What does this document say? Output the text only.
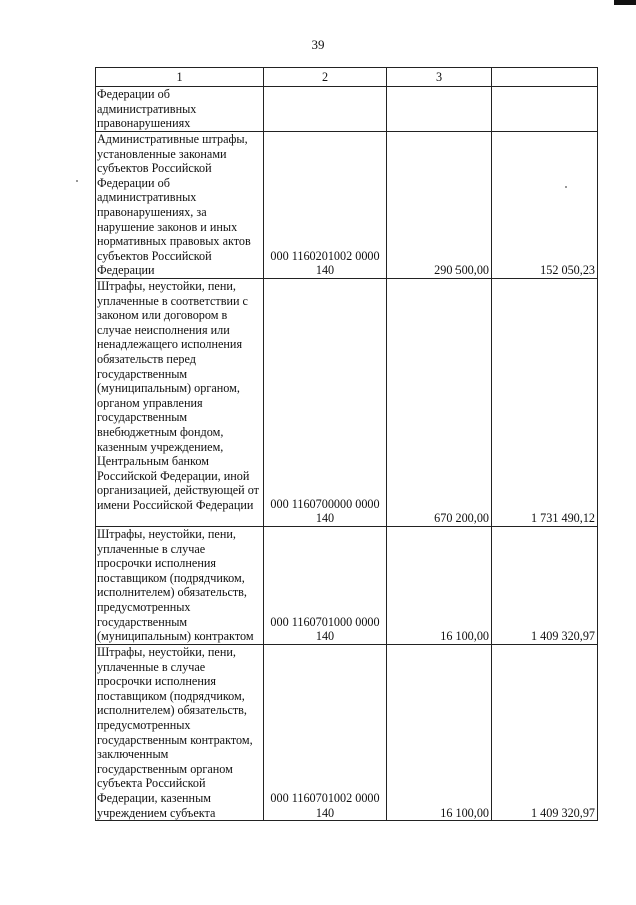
39
1	2	3	
Федерации об административных правонарушениях			
Административные штрафы, установленные законами субъектов Российской Федерации об административных правонарушениях, за нарушение законов и иных нормативных правовых актов субъектов Российской Федерации	000 1160201002 0000 140	290 500,00	152 050,23
Штрафы, неустойки, пени, уплаченные в соответствии с законом или договором в случае неисполнения или ненадлежащего исполнения обязательств перед государственным (муниципальным) органом, органом управления государственным внебюджетным фондом, казенным учреждением, Центральным банком Российской Федерации, иной организацией, действующей от имени Российской Федерации	000 1160700000 0000 140	670 200,00	1 731 490,12
Штрафы, неустойки, пени, уплаченные в случае просрочки исполнения поставщиком (подрядчиком, исполнителем) обязательств, предусмотренных государственным (муниципальным) контрактом	000 1160701000 0000 140	16 100,00	1 409 320,97
Штрафы, неустойки, пени, уплаченные в случае просрочки исполнения поставщиком (подрядчиком, исполнителем) обязательств, предусмотренных государственным контрактом, заключенным государственным органом субъекта Российской Федерации, казенным учреждением субъекта	000 1160701002 0000 140	16 100,00	1 409 320,97
